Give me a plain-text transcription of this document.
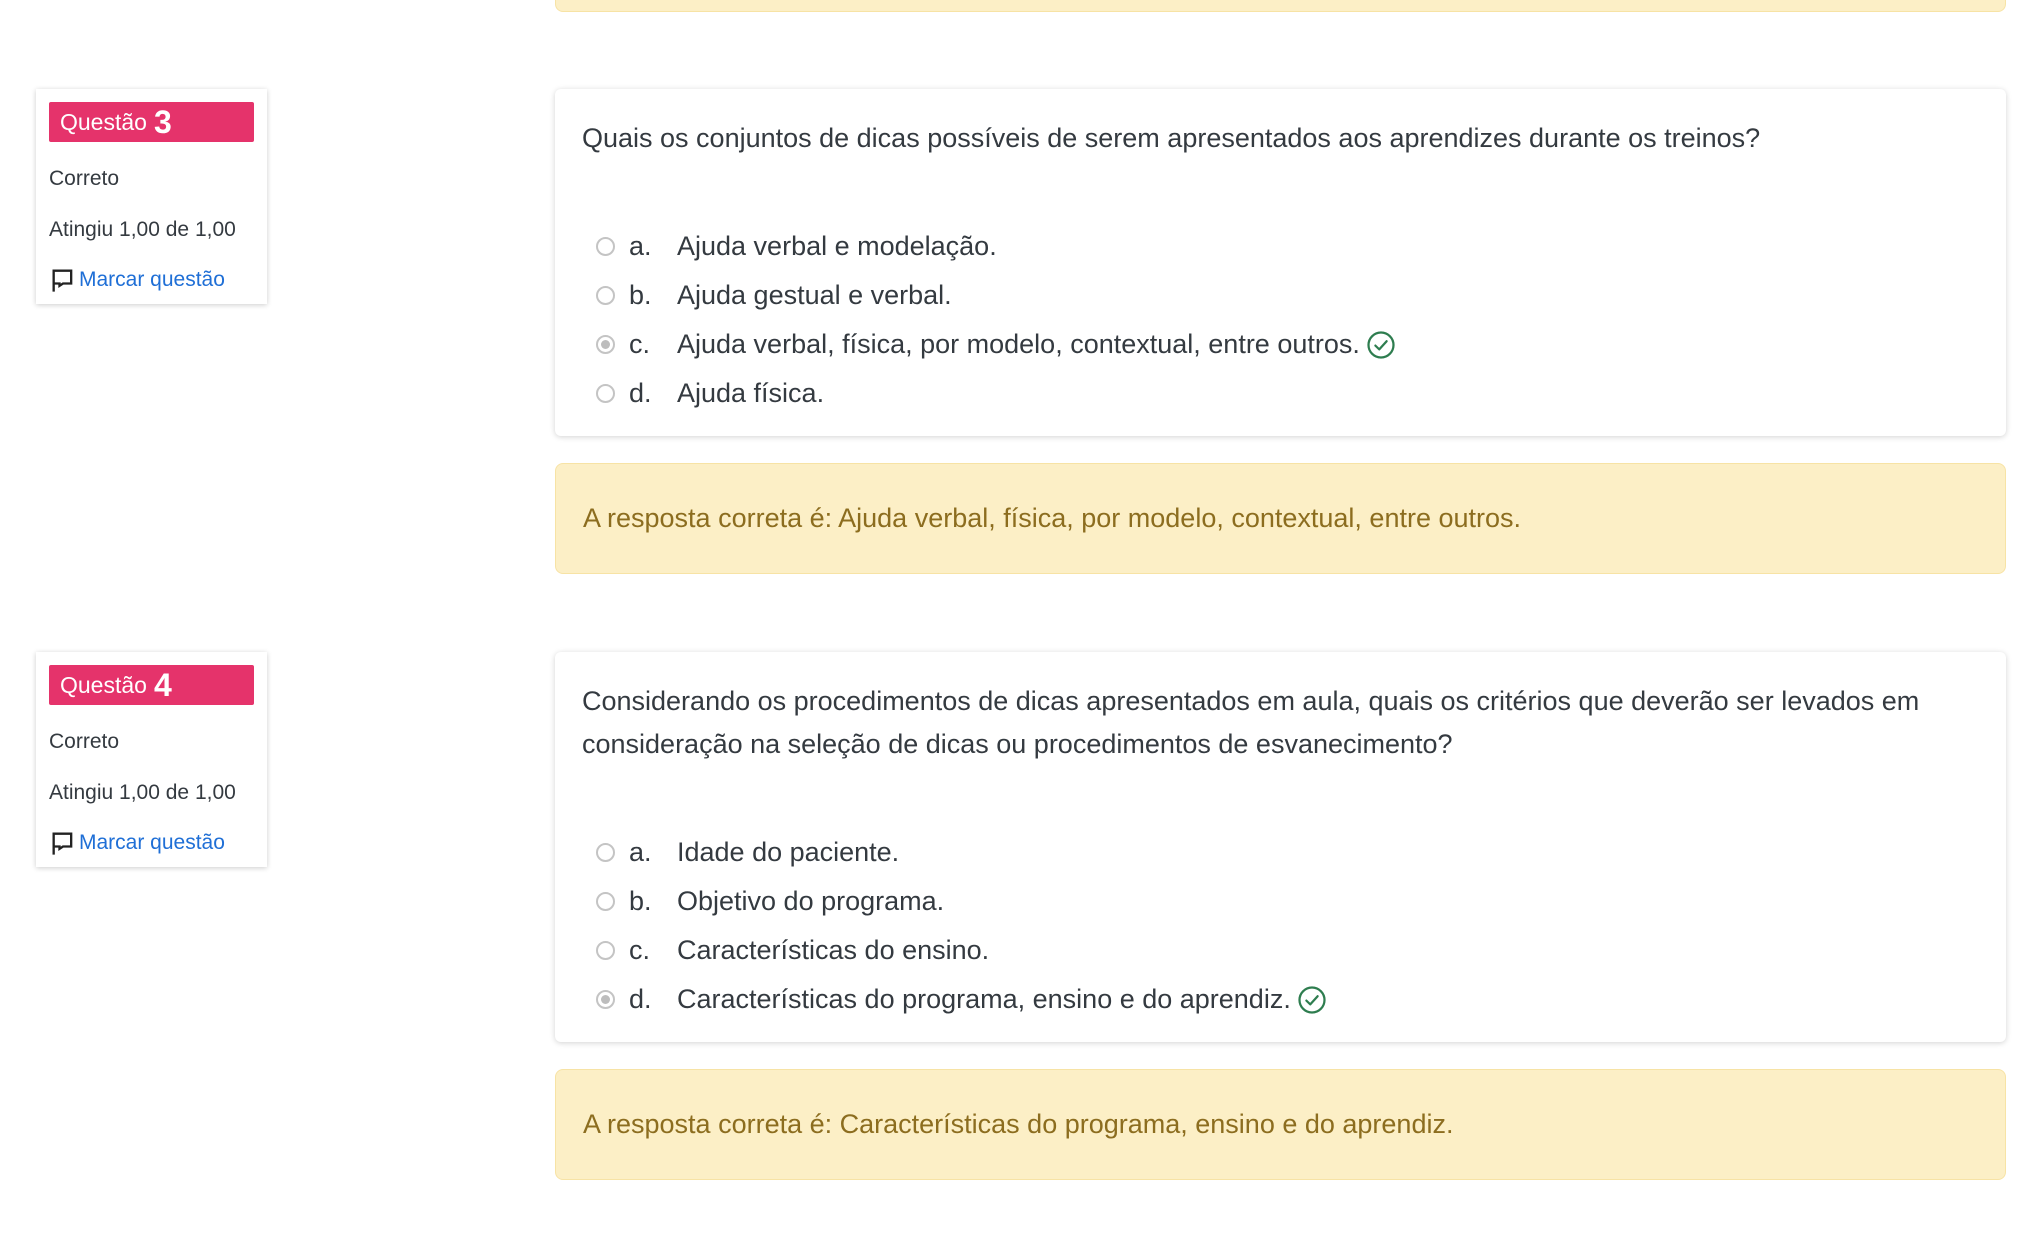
Questão 3
Correto
Atingiu 1,00 de 1,00
Marcar questão
Quais os conjuntos de dicas possíveis de serem apresentados aos aprendizes durante os treinos?
a. Ajuda verbal e modelação.
b. Ajuda gestual e verbal.
c. Ajuda verbal, física, por modelo, contextual, entre outros.
d. Ajuda física.
A resposta correta é: Ajuda verbal, física, por modelo, contextual, entre outros.
Questão 4
Correto
Atingiu 1,00 de 1,00
Marcar questão
Considerando os procedimentos de dicas apresentados em aula, quais os critérios que deverão ser levados em consideração na seleção de dicas ou procedimentos de esvanecimento?
a. Idade do paciente.
b. Objetivo do programa.
c. Características do ensino.
d. Características do programa, ensino e do aprendiz.
A resposta correta é: Características do programa, ensino e do aprendiz.
